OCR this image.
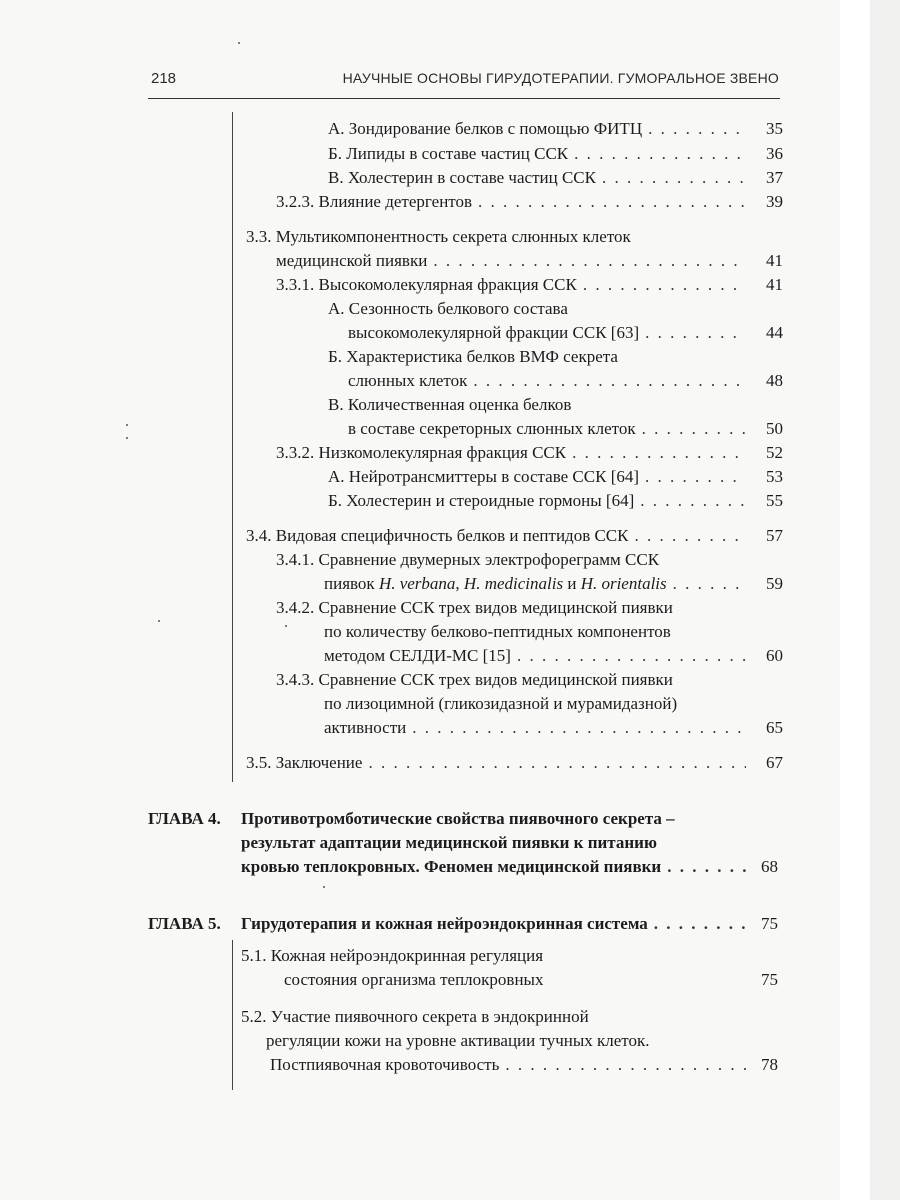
218	НАУЧНЫЕ ОСНОВЫ ГИРУДОТЕРАПИИ. ГУМОРАЛЬНОЕ ЗВЕНО
А. Зондирование белков с помощью ФИТЦ . . .	35
Б. Липиды в составе частиц ССК . . .	36
В. Холестерин в составе частиц ССК . . .	37
3.2.3. Влияние детергентов . . .	39
3.3. Мультикомпонентность секрета слюнных клеток
медицинской пиявки . . .	41
3.3.1. Высокомолекулярная фракция ССК . . .	41
А. Сезонность белкового состава
высокомолекулярной фракции ССК [63] . . .	44
Б. Характеристика белков ВМФ секрета
слюнных клеток . . .	48
В. Количественная оценка белков
в составе секреторных слюнных клеток . . .	50
3.3.2. Низкомолекулярная фракция ССК . . .	52
А. Нейротрансмиттеры в составе ССК [64] . . .	53
Б. Холестерин и стероидные гормоны [64] . . .	55
3.4. Видовая специфичность белков и пептидов ССК . . .	57
3.4.1. Сравнение двумерных электрофореграмм ССК
пиявок H. verbana, H. medicinalis и H. orientalis . . .	59
3.4.2. Сравнение ССК трех видов медицинской пиявки
по количеству белково-пептидных компонентов
методом СЕЛДИ-МС [15] . . .	60
3.4.3. Сравнение ССК трех видов медицинской пиявки
по лизоцимной (гликозидазной и мурамидазной)
активности . . .	65
3.5. Заключение . . .	67
ГЛАВА 4. Противотромботические свойства пиявочного секрета –
результат адаптации медицинской пиявки к питанию
кровью теплокровных. Феномен медицинской пиявки . . .	68
ГЛАВА 5. Гирудотерапия и кожная нейроэндокринная система . . .	75
5.1. Кожная нейроэндокринная регуляция
состояния организма теплокровных	75
5.2. Участие пиявочного секрета в эндокринной
регуляции кожи на уровне активации тучных клеток.
Постпиявочная кровоточивость . . .	78
